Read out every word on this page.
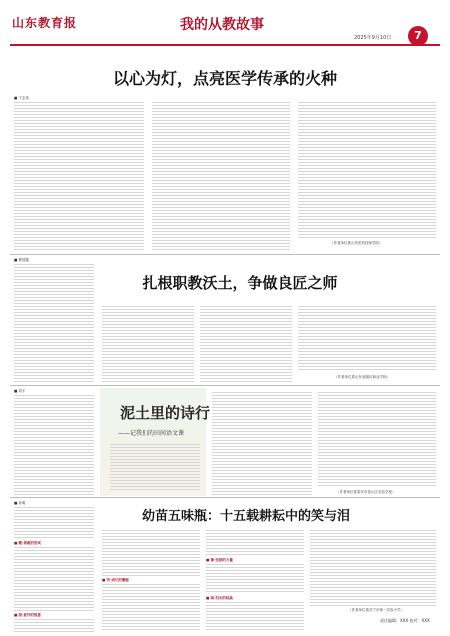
山东教育报	我的从教故事
2025年9月10日	7
以心为灯，点亮医学传承的火种
■ 于志伟
（作者单位系山东医药技师学院）
■ 曹国鑫
扎根职教沃土，争做良匠之师
（作者单位系山东省潍坊商业学校）
■ 刘宇
泥土里的诗行
——记我们的田间语文课
（作者单位系泰安市泰山区实验学校）
■ 孙萌
■ 酸·勇敢的尝试
■ 甜·意外的惊喜
幼苗五味瓶：十五载耕耘中的笑与泪
■ 苦·成长的磨砺
■ 辣·坚韧的力量
■ 咸·泪水的结晶
（作者单位系济宁市第一实验小学）
责任编辑：XXX 校对：XXX
